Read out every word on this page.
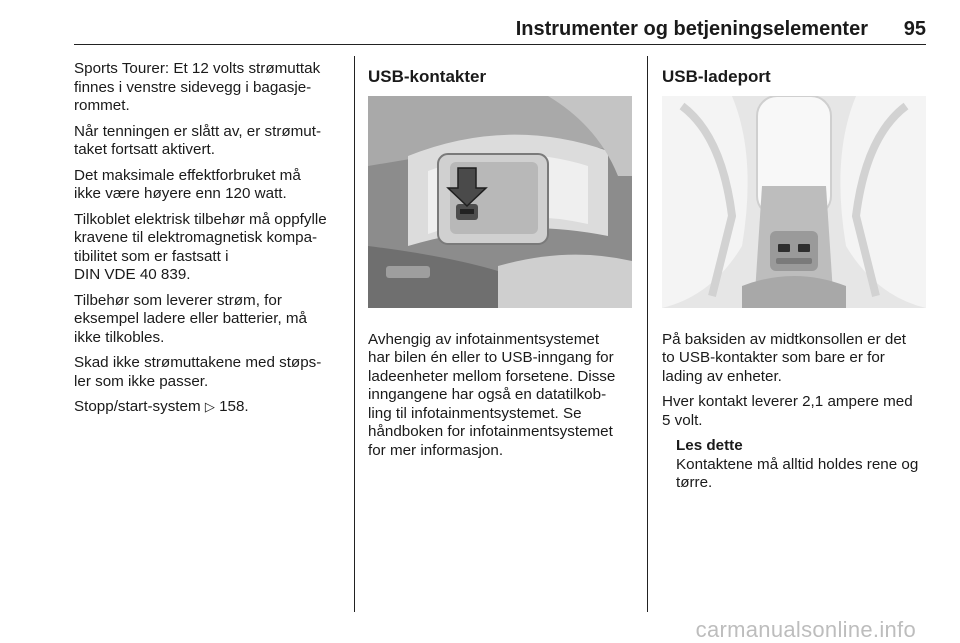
Instrumenter og betjeningselementer 95

Sports Tourer: Et 12 volts strømuttak
finnes i venstre sidevegg i bagasje-
rommet.

Når tenningen er slått av, er strømut-
taket fortsatt aktivert.

Det maksimale effektforbruket må
ikke være høyere enn 120 watt.

Tilkoblet elektrisk tilbehør må oppfylle
kravene til elektromagnetisk kompa-
tibilitet som er fastsatt i
DIN VDE 40 839.

Tilbehør som leverer strøm, for
eksempel ladere eller batterier, må
ikke tilkobles.

Skad ikke strømuttakene med støps-
ler som ikke passer.

Stopp/start-system ▷ 158.

USB-kontakter

Avhengig av infotainmentsystemet
har bilen én eller to USB-inngang for
ladeenheter mellom forsetene. Disse
inngangene har også en datatilkob-
ling til infotainmentsystemet. Se
håndboken for infotainmentsystemet
for mer informasjon.

USB-ladeport

På baksiden av midtkonsollen er det
to USB-kontakter som bare er for
lading av enheter.

Hver kontakt leverer 2,1 ampere med
5 volt.

Les dette
Kontaktene må alltid holdes rene og
tørre.
carmanualsonline.info
